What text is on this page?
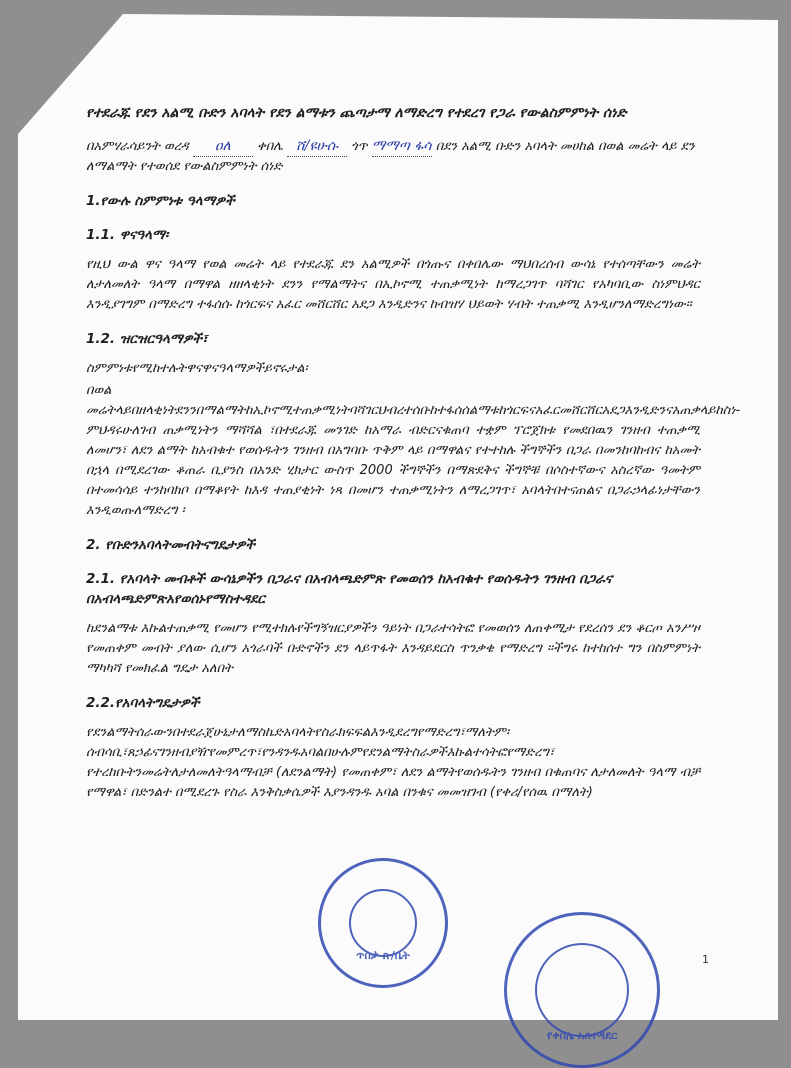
የተደራጁ የደን አልሚ ቡድን አባላት የደን ልማቱን ጨጣታማ ለማድረግ የተደረገ የጋራ የውልስምምነት ሰነድ
በአምሃራሳይንት ወረዳ ዐለ ቀበሌ ሸ/ዩሁሱ ጎጥ ማማጣ ፋሳ በደን አልሚ ቡድን አባላት መሀከል በወል መሬት ላይ ደን ለማልማት የተወሰደ የውልስምምነት ሰነድ
1.የውሉ ስምምነቱ ዓላማዎች
1.1. ዋናዓላማ፡

የዚህ ውል ዋና ዓላማ የወል መሬት ላይ የተደራጁ ደን አልሚዎች በጎጡና በቀበሌው ማህበረሰብ ውሳኔ የተሰጣቸውን መሬት ለታለመለት ዓላማ በማዋል ዘዘላቂነት ደንን የማልማትና በኢኮኖሚ ተጠቃሚነት ከማረጋገጥ ባሻገር የአካባቢው ስነምህዳር እንዲያገግም በማድረግ ተፋሰሱ ከጎርፍና አፈር መሸርሸር አደጋ እንዲድንና ከብዝሃ ህይወት ሃብት ተጠቃሚ እንዲሆንለማድረግነው፡፡

1.2. ዝርዝርዓላማዎች፣

ስምምነቱየሚከተሉትዋናዋናዓላማዎችይኖሩታል፡

በወል መሬትላይበዘላቂነትደንንበማልማትከኢኮኖሚተጠቃሚነትባሻገርህብረተሰቡከተፋሰሰልማቱከጎርፍናአፈርመሸርሸርአደጋእንዲድንናአጠቃላይከስነ-ምህዳሩሁለገብ ጠቃሚነትን ማሻሻል ፣በተደራጁ መንገድ ከአማራ ብድርናቁጠባ ተቋም ፕሮጀክቱ የመደበዉን ገንዘብ ተጠቃሚ ለመሆን፣ ለደን ልማት ከአብቁተ የወሰዱትን ገንዘብ በአግባቡ ጥቅም ላይ በማዋልና የተተከሉ ችግኞችን በጋራ በመንከባከብና ከአመት በኋላ በሚደረገው ቆጠራ ቢያንስ በአንድ ሂክታር ውስጥ 2000 ችግኞችን በማጽደቅና ችግኞቹ በሶስተኛውና አስረኛው ዓመትም በተመሳሳይ ተንከባክቦ በማቆየት ከእዳ ተጠያቂነት ነጻ በመሆን ተጠቃሚነትን ለማረጋገጥ፣ አባላትበተናጠልና በጋራኃላፊነታቸውን እንዲወጡለማድረግ ፡

2. የቡድንአባላትመብትናግዴታዎች
2.1. የአባላት መብቶች ውሳኔዎችን በጋራና በአብላጫድምጽ የመወሰን ከአብቁተ የወሰዱትን ገንዘብ በጋራና በአብላጫድምጽአየወሰኑየማስተዳደር

ከደንልማቱ እኩልተጠቃሚ የመሆን የሚተክሉየችግኝዝርያዎችን ዓይነት በጋራተሳትፎ የመወሰን ለጠቀሚታ የደረሰን ደን ቆርጦ አንሥዞ የመጠቀም መብት ያለው ሲሆን አጎራባች ቡድኖችን ደን ላይጥፋት እንዳይደርስ ጥንቃቄ የማድረግ ፡፡ችግሩ ከተከሰተ ግን በስምምነት ማካካሻ የመክፈል ግዴታ አለበት

2.2.የአባላትግዴታዎች

የደንልማትሰራውንበተደራጀሁኔታለማስኬድአባላትየስራክፍፍልእንዲደረግየማድረግ፣ማለትም፡ሰብሳቢ፣ጸኃፊናገንዘብያዥየመምረጥ፣የንዳንዱአባልበሁሉምየደንልማትስራዎችእኩልተሳትፎየማድረግ፣ የተረከቡትንመሬትለታለመለትዓላማብቻ (ለደንልማት) የመጠቀም፣ ለደን ልማትየወሰዱትን ገንዘብ በቁጠባና ለታለመለት ዓላማ ብቻ የማዋል፣ በድንልተ በሚደረጉ የስራ እንቅስቃሴዎች እያንዳንዱ አባል በንቁና መመዝገብ (የቀሪ/የሰዉ በማለት)

ጥበቃ ጽ/ቤት
የቀበሌ አስተዳደር
1
